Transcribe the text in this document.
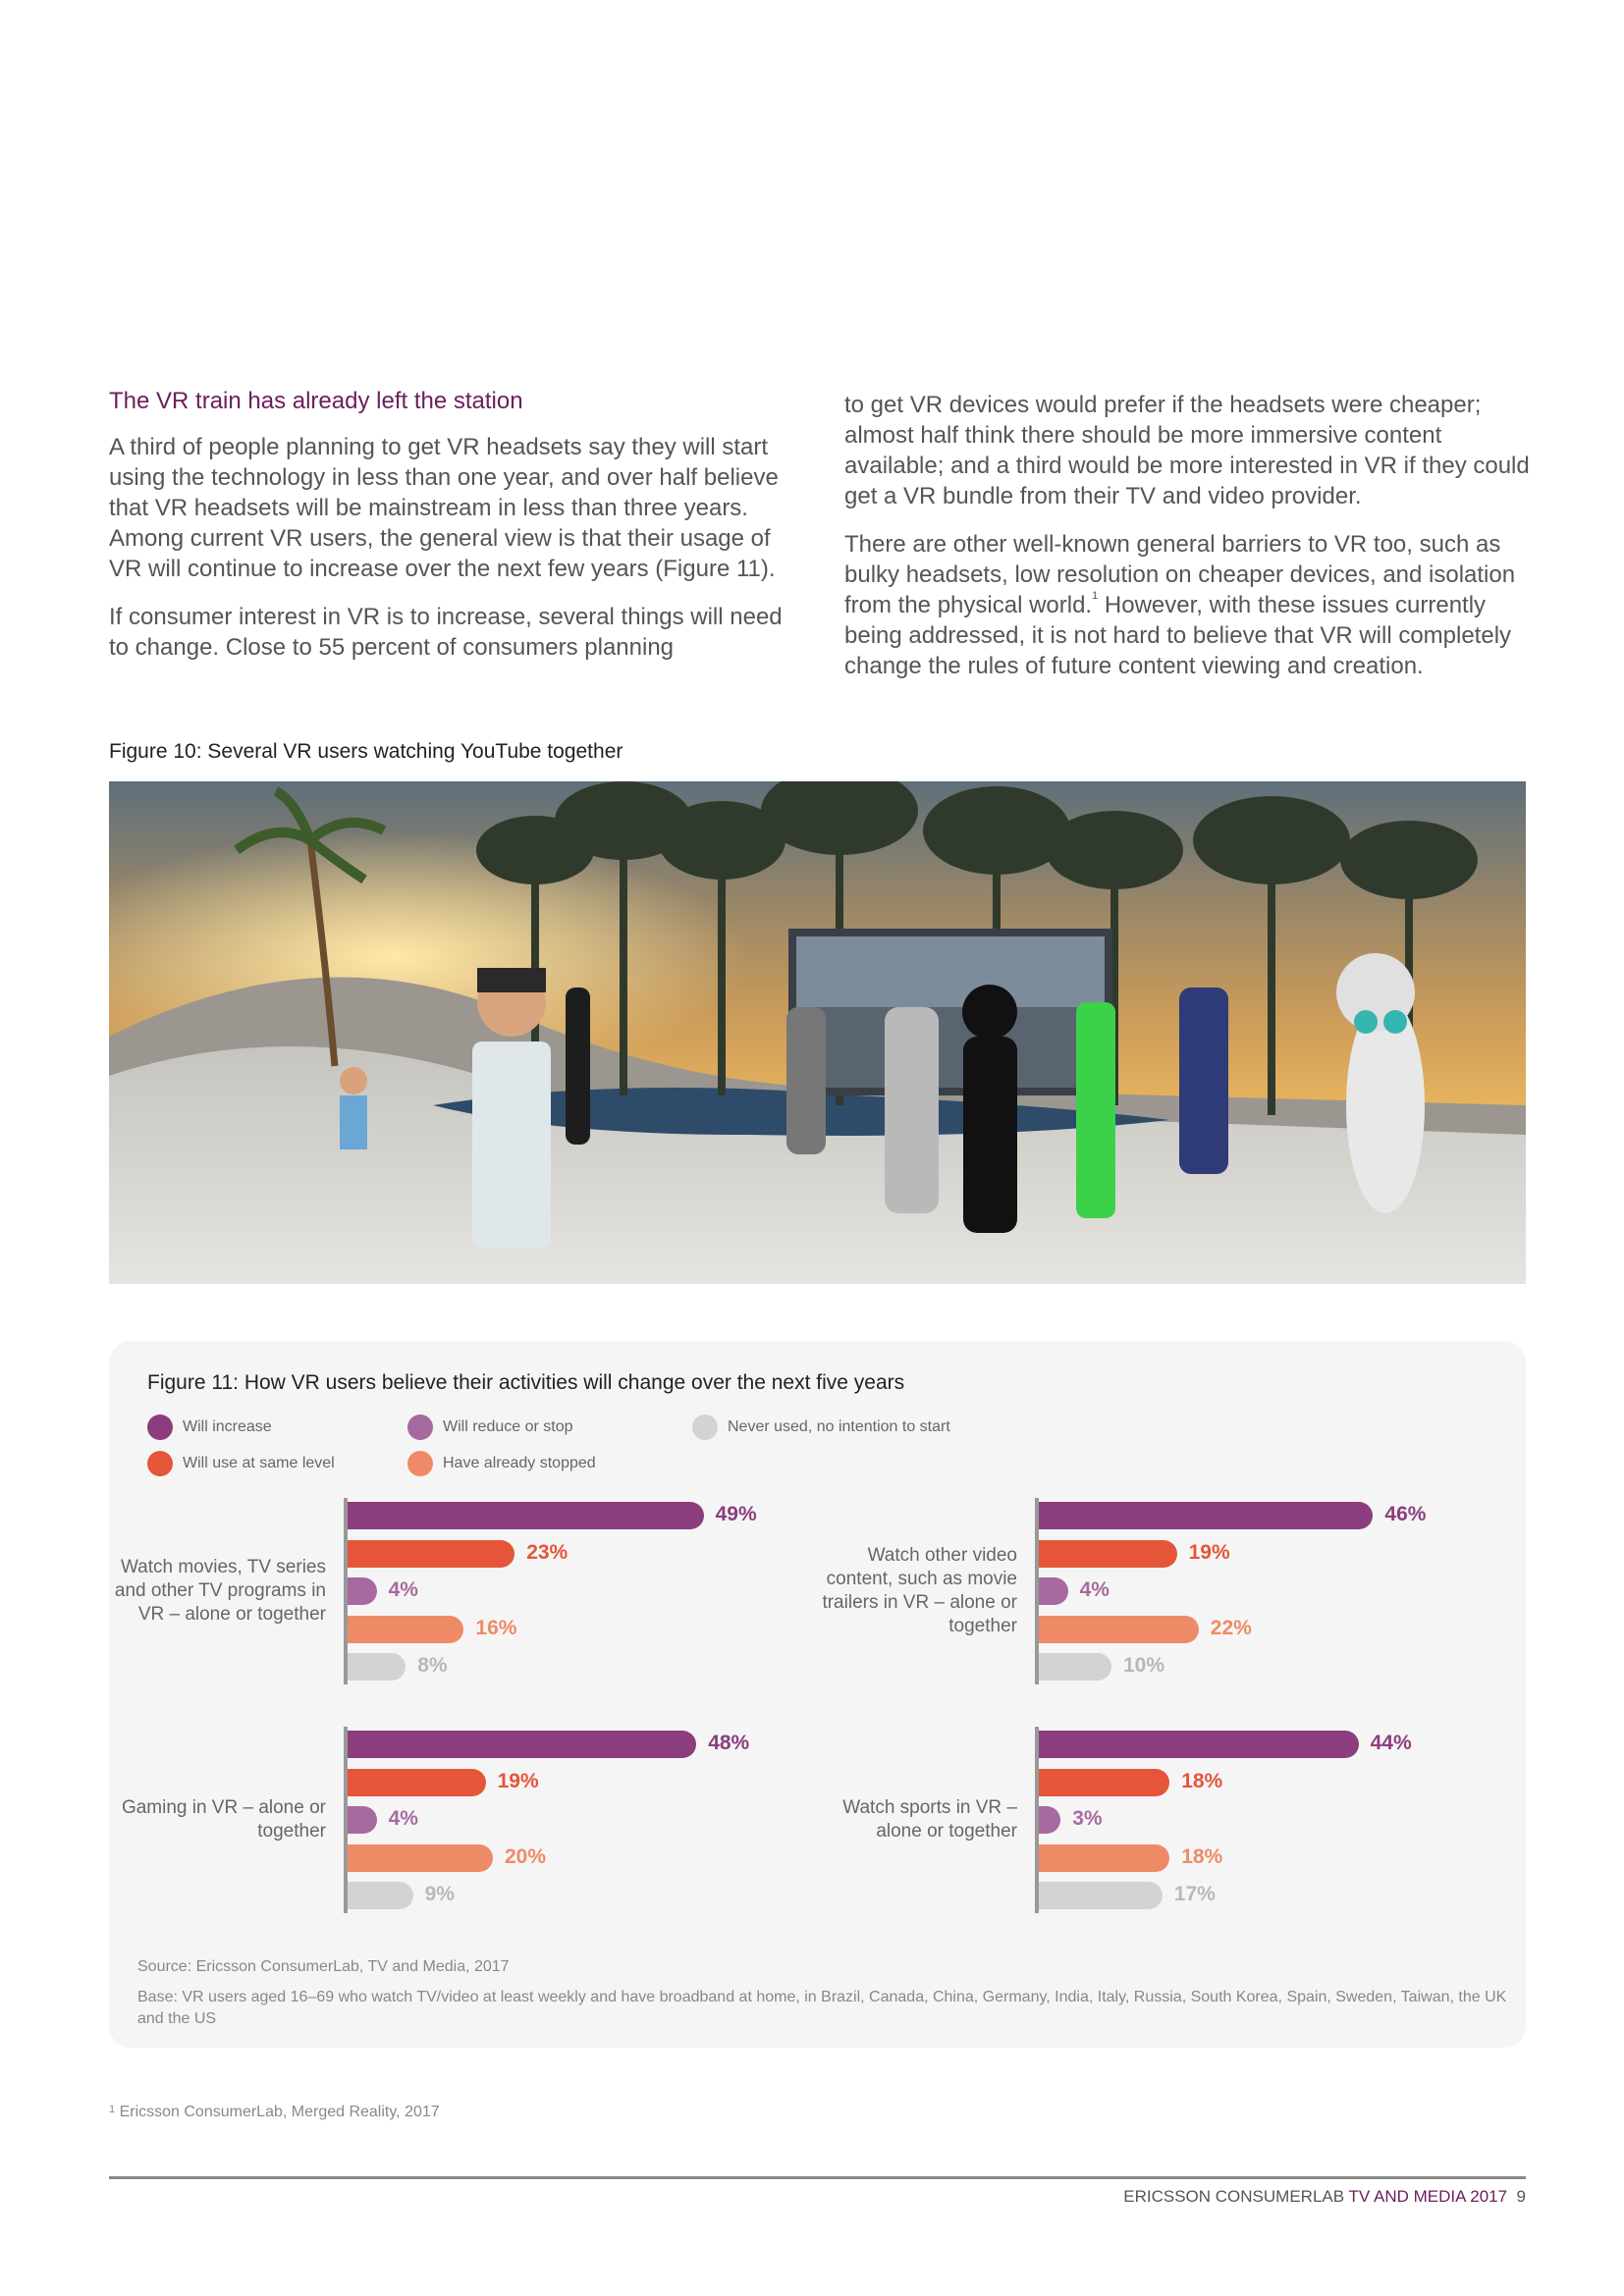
The VR train has already left the station

A third of people planning to get VR headsets say they will start using the technology in less than one year, and over half believe that VR headsets will be mainstream in less than three years. Among current VR users, the general view is that their usage of VR will continue to increase over the next few years (Figure 11).

If consumer interest in VR is to increase, several things will need to change. Close to 55 percent of consumers planning

to get VR devices would prefer if the headsets were cheaper; almost half think there should be more immersive content available; and a third would be more interested in VR if they could get a VR bundle from their TV and video provider.

There are other well-known general barriers to VR too, such as bulky headsets, low resolution on cheaper devices, and isolation from the physical world.$^1$ However, with these issues currently being addressed, it is not hard to believe that VR will completely change the rules of future content viewing and creation.

Figure 10: Several VR users watching YouTube together
Figure 11: How VR users believe their activities will change over the next five years
Will increase	Will reduce or stop	Never used, no intention to start
Will use at same level	Have already stopped
Watch movies, TV series and other TV programs in VR – alone or together
49%
23%
4%
16%
8%
Watch other video content, such as movie trailers in VR – alone or together
46%
19%
4%
22%
10%
Gaming in VR – alone or together
48%
19%
4%
20%
9%
Watch sports in VR – alone or together
44%
18%
3%
18%
17%
Source: Ericsson ConsumerLab, TV and Media, 2017
Base: VR users aged 16–69 who watch TV/video at least weekly and have broadband at home, in Brazil, Canada, China, Germany, India, Italy, Russia, South Korea, Spain, Sweden, Taiwan, the UK and the US
$^1$ Ericsson ConsumerLab, Merged Reality, 2017
ERICSSON CONSUMERLAB TV AND MEDIA 2017 9
